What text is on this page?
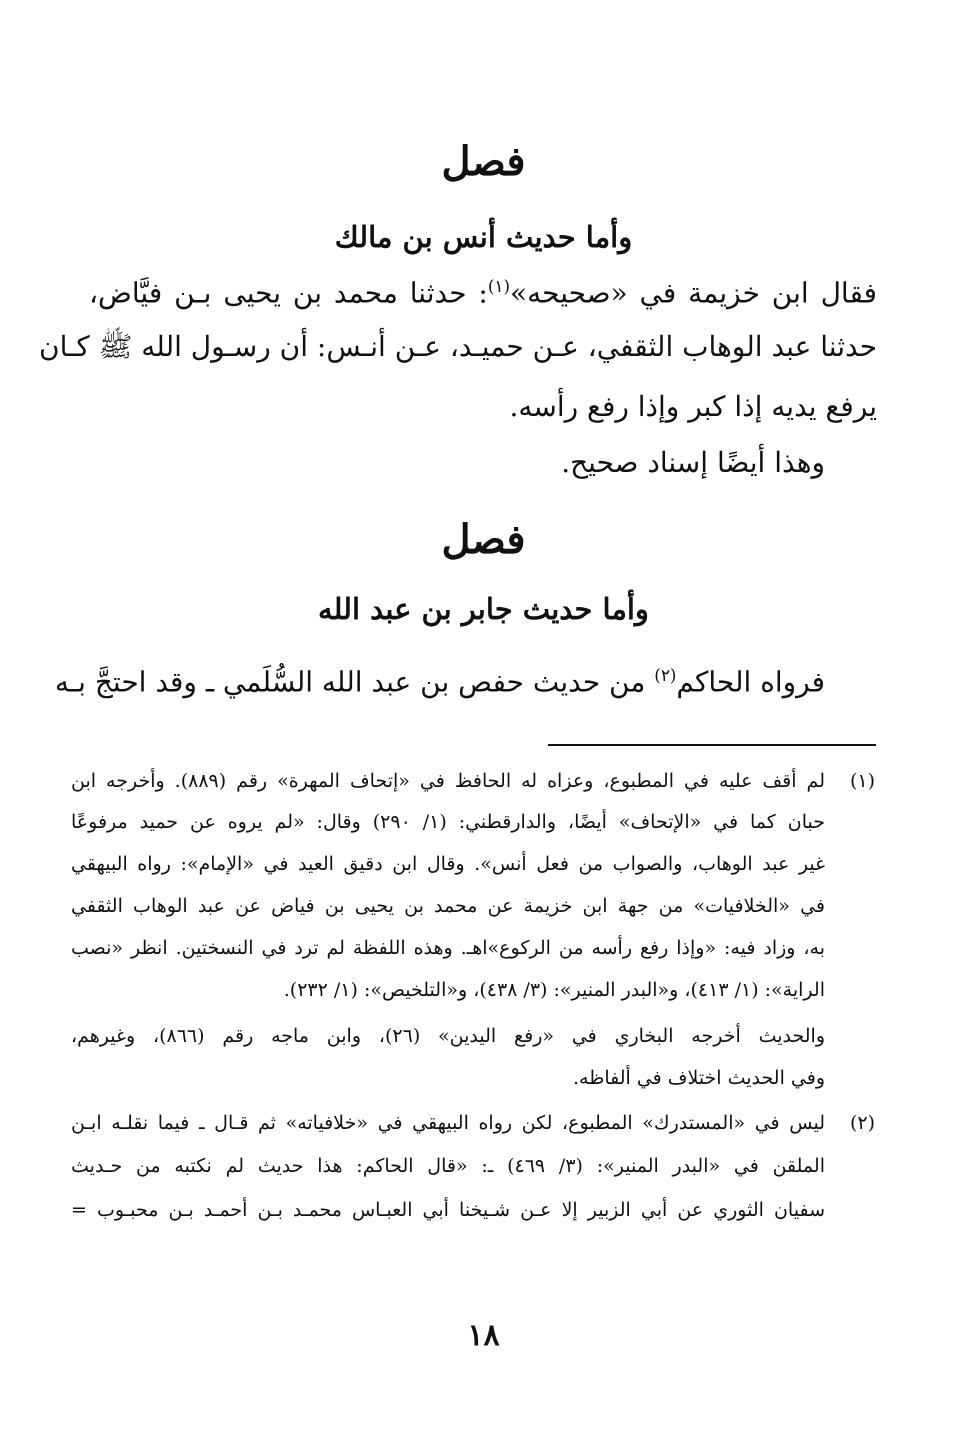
فصل
وأما حديث أنس بن مالك
فقال ابن خزيمة في «صحيحه»$^{(١)}$: حدثنا محمد بن يحيى بـن فيَّاض،
حدثنا عبد الوهاب الثقفي، عـن حميـد، عـن أنـس: أن رسـول الله ﷺ كـان
يرفع يديه إذا كبر وإذا رفع رأسه.
وهذا أيضًا إسناد صحيح.
فصل
وأما حديث جابر بن عبد الله
فرواه الحاكم$^{(٢)}$ من حديث حفص بن عبد الله السُّلَمي ـ وقد احتجَّ بـه
(١)
لم أقف عليه في المطبوع، وعزاه له الحافظ في «إتحاف المهرة» رقم (٨٨٩). وأخرجه ابن
حبان كما في «الإتحاف» أيضًا، والدارقطني: (١/ ٢٩٠) وقال: «لم يروه عن حميد مرفوعًا
غير عبد الوهاب، والصواب من فعل أنس». وقال ابن دقيق العيد في «الإمام»: رواه البيهقي
في «الخلافيات» من جهة ابن خزيمة عن محمد بن يحيى بن فياض عن عبد الوهاب الثقفي
به، وزاد فيه: «وإذا رفع رأسه من الركوع»اهـ. وهذه اللفظة لم ترد في النسختين. انظر «نصب
الراية»: (١/ ٤١٣)، و«البدر المنير»: (٣/ ٤٣٨)، و«التلخيص»: (١/ ٢٣٢).
والحديث أخرجه البخاري في «رفع اليدين» (٢٦)، وابن ماجه رقم (٨٦٦)، وغيرهم،
وفي الحديث اختلاف في ألفاظه.
(٢)
ليس في «المستدرك» المطبوع، لكن رواه البيهقي في «خلافياته» ثم قـال ـ فيما نقلـه ابـن
الملقن في «البدر المنير»: (٣/ ٤٦٩) ـ: «قال الحاكم: هذا حديث لم نكتبه من حـديث
سفيان الثوري عن أبي الزبير إلا عـن شـيخنا أبي العبـاس محمـد بـن أحمـد بـن محبـوب =
١٨
